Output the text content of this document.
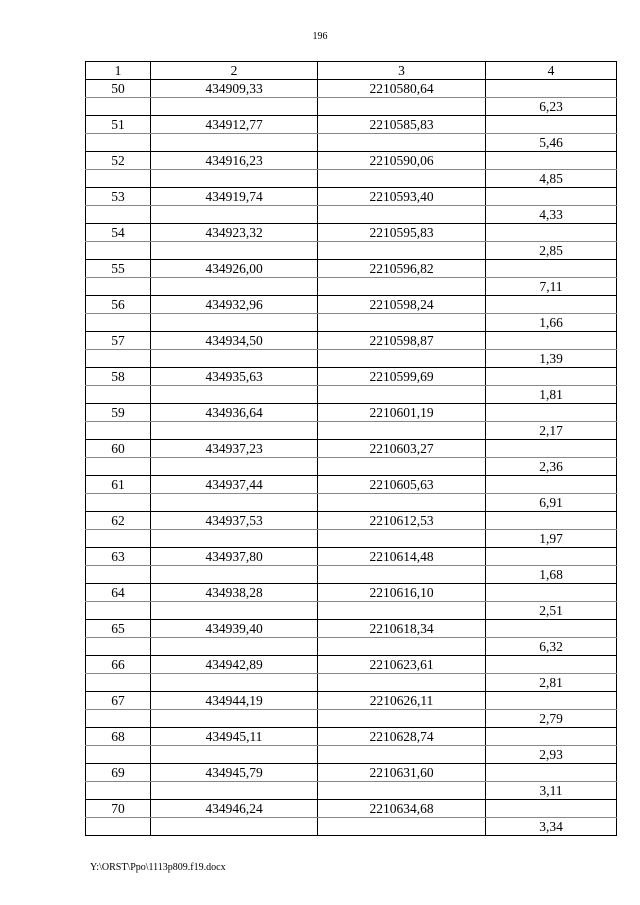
196
1	2	3	4
50	434909,33	2210580,64	
			6,23
51	434912,77	2210585,83	
			5,46
52	434916,23	2210590,06	
			4,85
53	434919,74	2210593,40	
			4,33
54	434923,32	2210595,83	
			2,85
55	434926,00	2210596,82	
			7,11
56	434932,96	2210598,24	
			1,66
57	434934,50	2210598,87	
			1,39
58	434935,63	2210599,69	
			1,81
59	434936,64	2210601,19	
			2,17
60	434937,23	2210603,27	
			2,36
61	434937,44	2210605,63	
			6,91
62	434937,53	2210612,53	
			1,97
63	434937,80	2210614,48	
			1,68
64	434938,28	2210616,10	
			2,51
65	434939,40	2210618,34	
			6,32
66	434942,89	2210623,61	
			2,81
67	434944,19	2210626,11	
			2,79
68	434945,11	2210628,74	
			2,93
69	434945,79	2210631,60	
			3,11
70	434946,24	2210634,68	
			3,34
Y:\ORST\Ppo\1113p809.f19.docx
